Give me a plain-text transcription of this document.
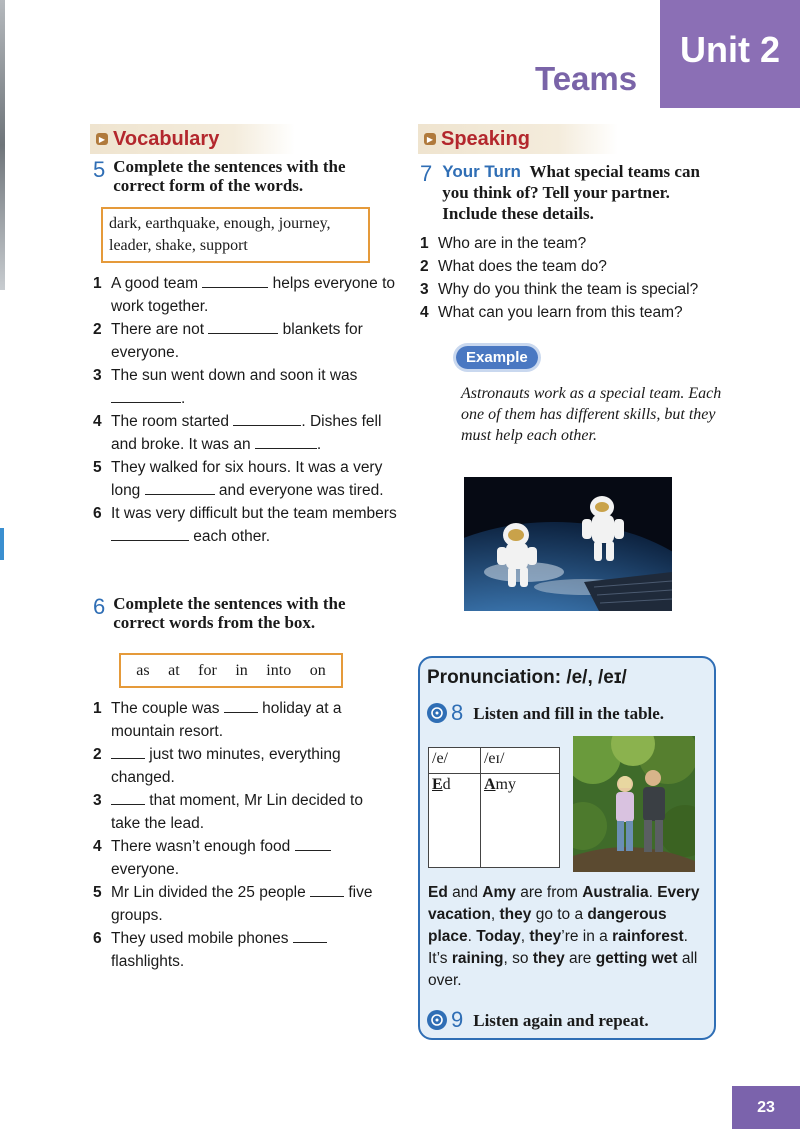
Unit 2
Teams
▶ Vocabulary
5 Complete the sentences with the correct form of the words.
dark, earthquake, enough, journey, leader, shake, support
1 A good team	helps everyone to work together.
2 There are not	blankets for everyone.
3 The sun went down and soon it was .
4 The room started	. Dishes fell and broke. It was an	.
5 They walked for six hours. It was a very long	and everyone was tired.
6 It was very difficult but the team members  each other.
6 Complete the sentences with the correct words from the box.
as at for in into on
1 The couple was  holiday at a mountain resort.
2	just two minutes, everything changed.
3	that moment, Mr Lin decided to take the lead.
4 There wasn’t enough food  everyone.
5 Mr Lin divided the 25 people  five groups.
6 They used mobile phones  flashlights.
▶ Speaking
7 Your Turn What special teams can you think of? Tell your partner. Include these details.
1 Who are in the team?
2 What does the team do?
3 Why do you think the team is special?
4 What can you learn from this team?
Example
Astronauts work as a special team. Each one of them has different skills, but they must help each other.
Pronunciation: /e/, /eɪ/
8 Listen and fill in the table.
/e/	/eɪ/
Ed	Amy
Ed and Amy are from Australia. Every vacation, they go to a dangerous place. Today, they’re in a rainforest. It’s raining, so they are getting wet all over.
9 Listen again and repeat.
23
